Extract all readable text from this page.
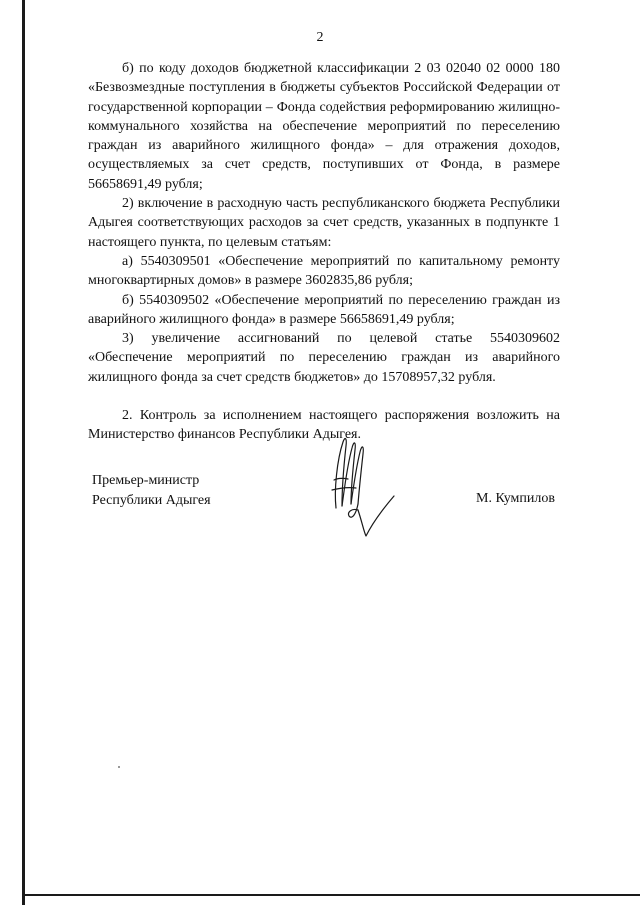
2

б) по коду доходов бюджетной классификации 2 03 02040 02 0000 180 «Безвозмездные поступления в бюджеты субъектов Российской Федерации от государственной корпорации – Фонда содействия реформированию жилищно-коммунального хозяйства на обеспечение мероприятий по переселению граждан из аварийного жилищного фонда» – для отражения доходов, осуществляемых за счет средств, поступивших от Фонда, в размере 56658691,49 рубля;

2) включение в расходную часть республиканского бюджета Республики Адыгея соответствующих расходов за счет средств, указанных в подпункте 1 настоящего пункта, по целевым статьям:

а) 5540309501 «Обеспечение мероприятий по капитальному ремонту многоквартирных домов» в размере 3602835,86 рубля;

б) 5540309502 «Обеспечение мероприятий по переселению граждан из аварийного жилищного фонда» в размере 56658691,49 рубля;

3) увеличение ассигнований по целевой статье 5540309602 «Обеспечение мероприятий по переселению граждан из аварийного жилищного фонда за счет средств бюджетов» до 15708957,32 рубля.

2. Контроль за исполнением настоящего распоряжения возложить на Министерство финансов Республики Адыгея.

Премьер-министр
Республики Адыгея	М. Кумпилов
